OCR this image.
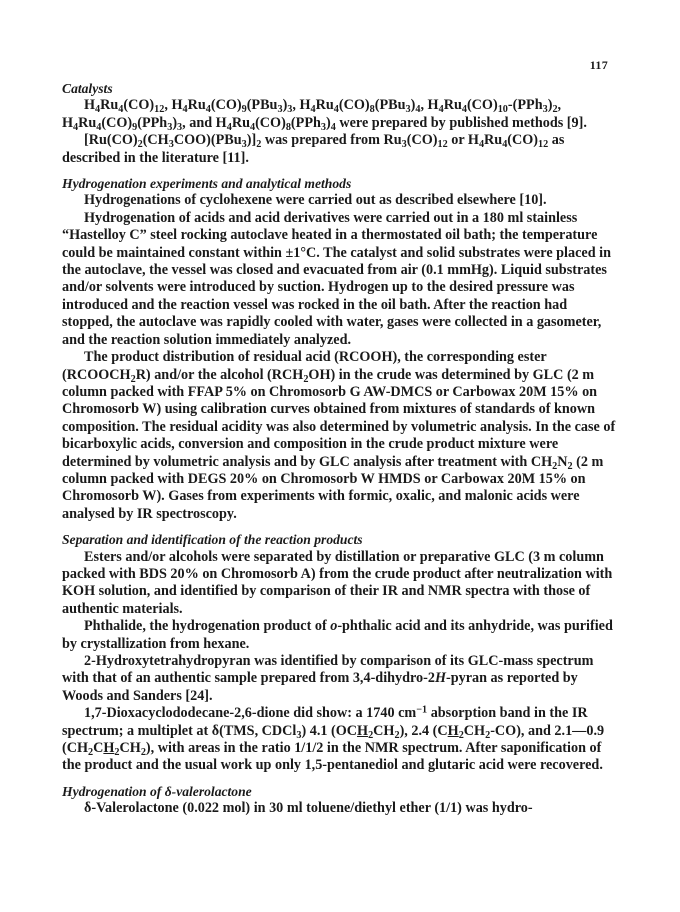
117
Catalysts

$H_4Ru_4(CO)_{12}$, $H_4Ru_4(CO)_9(PBu_3)_3$, $H_4Ru_4(CO)_8(PBu_3)_4$, $H_4Ru_4(CO)_{10}-(PPh_3)_2$, $H_4Ru_4(CO)_9(PPh_3)_3$, and $H_4Ru_4(CO)_8(PPh_3)_4$ were prepared by published methods [9].

$[Ru(CO)_2(CH_3COO)(PBu_3)]_2$ was prepared from $Ru_3(CO)_{12}$ or $H_4Ru_4(CO)_{12}$ as described in the literature [11].

Hydrogenation experiments and analytical methods

Hydrogenations of cyclohexene were carried out as described elsewhere [10].

Hydrogenation of acids and acid derivatives were carried out in a 180 ml stainless “Hastelloy C” steel rocking autoclave heated in a thermostated oil bath; the temperature could be maintained constant within ±1°C. The catalyst and solid substrates were placed in the autoclave, the vessel was closed and evacuated from air (0.1 mmHg). Liquid substrates and/or solvents were introduced by suction. Hydrogen up to the desired pressure was introduced and the reaction vessel was rocked in the oil bath. After the reaction had stopped, the autoclave was rapidly cooled with water, gases were collected in a gasometer, and the reaction solution immediately analyzed.

The product distribution of residual acid (RCOOH), the corresponding ester $(RCOOCH_2R)$ and/or the alcohol $(RCH_2OH)$ in the crude was determined by GLC (2 m column packed with FFAP 5% on Chromosorb G AW-DMCS or Carbowax 20M 15% on Chromosorb W) using calibration curves obtained from mixtures of standards of known composition. The residual acidity was also determined by volumetric analysis. In the case of bicarboxylic acids, conversion and composition in the crude product mixture were determined by volumetric analysis and by GLC analysis after treatment with $CH_2N_2$ (2 m column packed with DEGS 20% on Chromosorb W HMDS or Carbowax 20M 15% on Chromosorb W). Gases from experiments with formic, oxalic, and malonic acids were analysed by IR spectroscopy.

Separation and identification of the reaction products

Esters and/or alcohols were separated by distillation or preparative GLC (3 m column packed with BDS 20% on Chromosorb A) from the crude product after neutralization with KOH solution, and identified by comparison of their IR and NMR spectra with those of authentic materials.

Phthalide, the hydrogenation product of o-phthalic acid and its anhydride, was purified by crystallization from hexane.

2-Hydroxytetrahydropyran was identified by comparison of its GLC-mass spectrum with that of an authentic sample prepared from 3,4-dihydro-2H-pyran as reported by Woods and Sanders [24].

1,7-Dioxacyclododecane-2,6-dione did show: a 1740 $cm^{-1}$ absorption band in the IR spectrum; a multiplet at δ(TMS, CDCl$_3$) 4.1 $(OCH_2CH_2)$, 2.4 $(CH_2CH_2-CO)$, and 2.1—0.9 $(CH_2CH_2CH_2)$, with areas in the ratio 1/1/2 in the NMR spectrum. After saponification of the product and the usual work up only 1,5-pentanediol and glutaric acid were recovered.

Hydrogenation of δ-valerolactone

δ-Valerolactone (0.022 mol) in 30 ml toluene/diethyl ether (1/1) was hydro-
